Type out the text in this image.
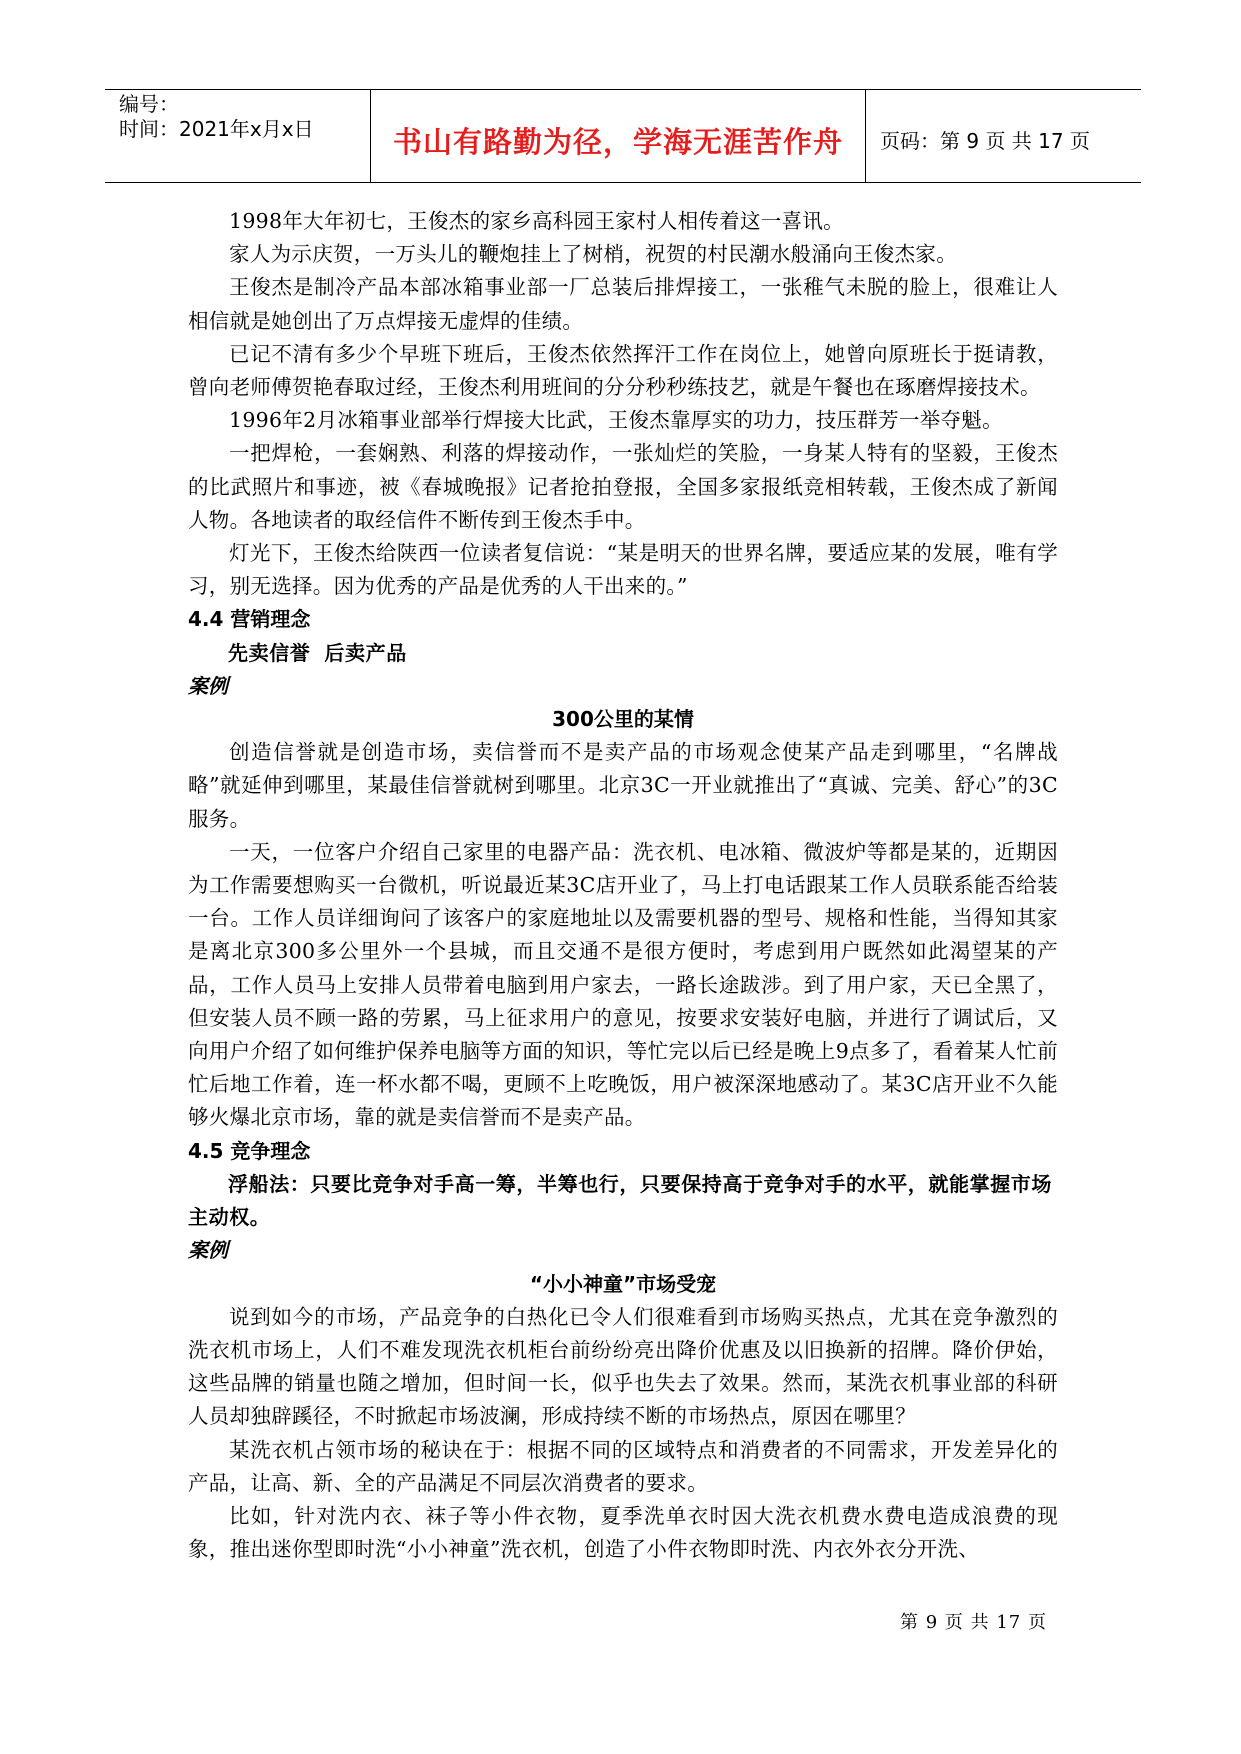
编号：
时间：2021年x月x日	书山有路勤为径，学海无涯苦作舟	页码：第 9 页 共 17 页

1998年大年初七，王俊杰的家乡高科园王家村人相传着这一喜讯。

家人为示庆贺，一万头儿的鞭炮挂上了树梢，祝贺的村民潮水般涌向王俊杰家。

王俊杰是制冷产品本部冰箱事业部一厂总装后排焊接工，一张稚气未脱的脸上，很难让人相信就是她创出了万点焊接无虚焊的佳绩。

已记不清有多少个早班下班后，王俊杰依然挥汗工作在岗位上，她曾向原班长于挺请教，曾向老师傅贺艳春取过经，王俊杰利用班间的分分秒秒练技艺，就是午餐也在琢磨焊接技术。

1996年2月冰箱事业部举行焊接大比武，王俊杰靠厚实的功力，技压群芳一举夺魁。

一把焊枪，一套娴熟、利落的焊接动作，一张灿烂的笑脸，一身某人特有的坚毅，王俊杰的比武照片和事迹，被《春城晚报》记者抢拍登报，全国多家报纸竞相转载，王俊杰成了新闻人物。各地读者的取经信件不断传到王俊杰手中。

灯光下，王俊杰给陕西一位读者复信说：“某是明天的世界名牌，要适应某的发展，唯有学习，别无选择。因为优秀的产品是优秀的人干出来的。”

4.4 营销理念

先卖信誉 后卖产品

案例

300公里的某情

创造信誉就是创造市场，卖信誉而不是卖产品的市场观念使某产品走到哪里，“名牌战略”就延伸到哪里，某最佳信誉就树到哪里。北京3C一开业就推出了“真诚、完美、舒心”的3C服务。

一天，一位客户介绍自己家里的电器产品：洗衣机、电冰箱、微波炉等都是某的，近期因为工作需要想购买一台微机，听说最近某3C店开业了，马上打电话跟某工作人员联系能否给装一台。工作人员详细询问了该客户的家庭地址以及需要机器的型号、规格和性能，当得知其家是离北京300多公里外一个县城，而且交通不是很方便时，考虑到用户既然如此渴望某的产品，工作人员马上安排人员带着电脑到用户家去，一路长途跋涉。到了用户家，天已全黑了，但安装人员不顾一路的劳累，马上征求用户的意见，按要求安装好电脑，并进行了调试后，又向用户介绍了如何维护保养电脑等方面的知识，等忙完以后已经是晚上9点多了，看着某人忙前忙后地工作着，连一杯水都不喝，更顾不上吃晚饭，用户被深深地感动了。某3C店开业不久能够火爆北京市场，靠的就是卖信誉而不是卖产品。

4.5 竞争理念

浮船法：只要比竞争对手高一筹，半筹也行，只要保持高于竞争对手的水平，就能掌握市场主动权。

案例

“小小神童”市场受宠

说到如今的市场，产品竞争的白热化已令人们很难看到市场购买热点，尤其在竞争激烈的洗衣机市场上，人们不难发现洗衣机柜台前纷纷亮出降价优惠及以旧换新的招牌。降价伊始，这些品牌的销量也随之增加，但时间一长，似乎也失去了效果。然而，某洗衣机事业部的科研人员却独辟蹊径，不时掀起市场波澜，形成持续不断的市场热点，原因在哪里？

某洗衣机占领市场的秘诀在于：根据不同的区域特点和消费者的不同需求，开发差异化的产品，让高、新、全的产品满足不同层次消费者的要求。

比如，针对洗内衣、袜子等小件衣物，夏季洗单衣时因大洗衣机费水费电造成浪费的现象，推出迷你型即时洗“小小神童”洗衣机，创造了小件衣物即时洗、内衣外衣分开洗、

第 9 页 共 17 页
